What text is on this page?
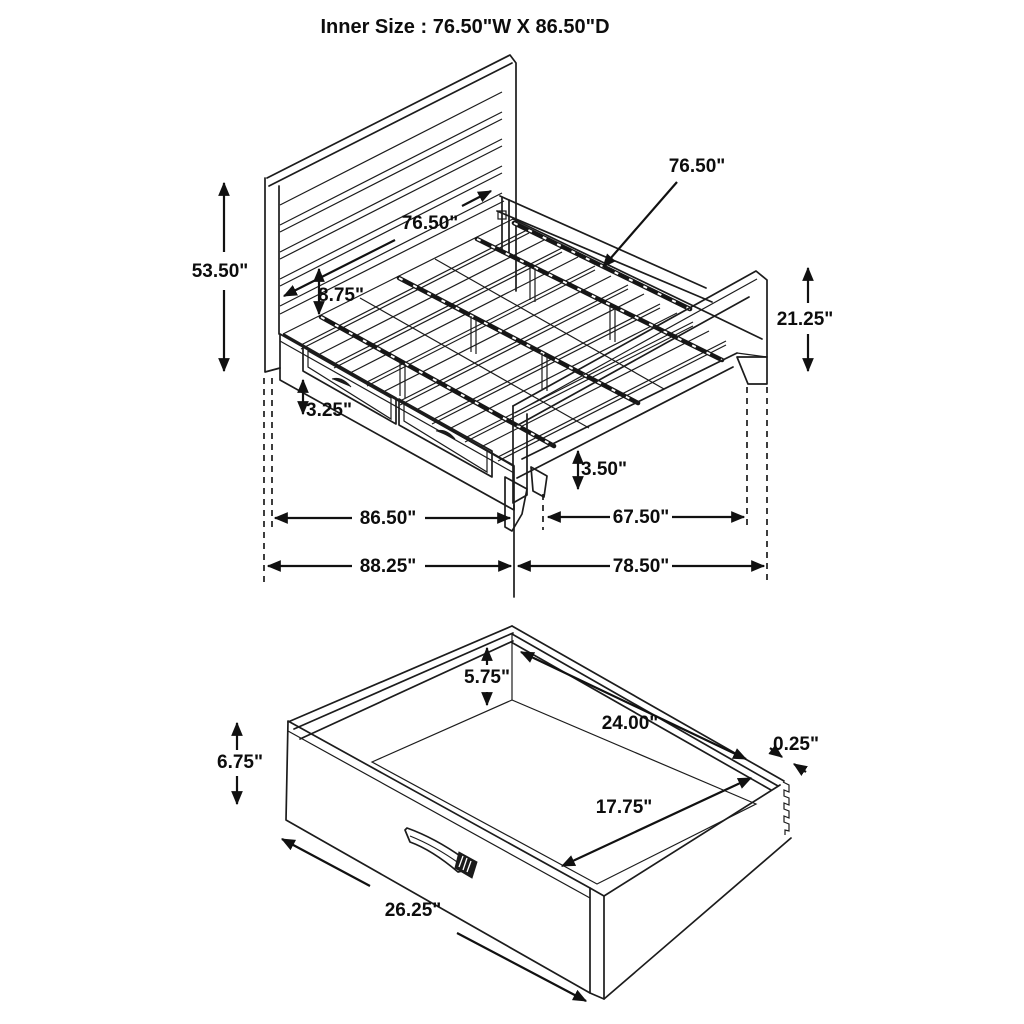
76.50"
76.50"
53.50"
8.75"
21.25"
3.25"
3.50"
86.50"	67.50"
88.25"	78.50"
5.75"
6.75"
24.00"
0.25"
17.75"
26.25"
Inner Size : 76.50"W X 86.50"D
